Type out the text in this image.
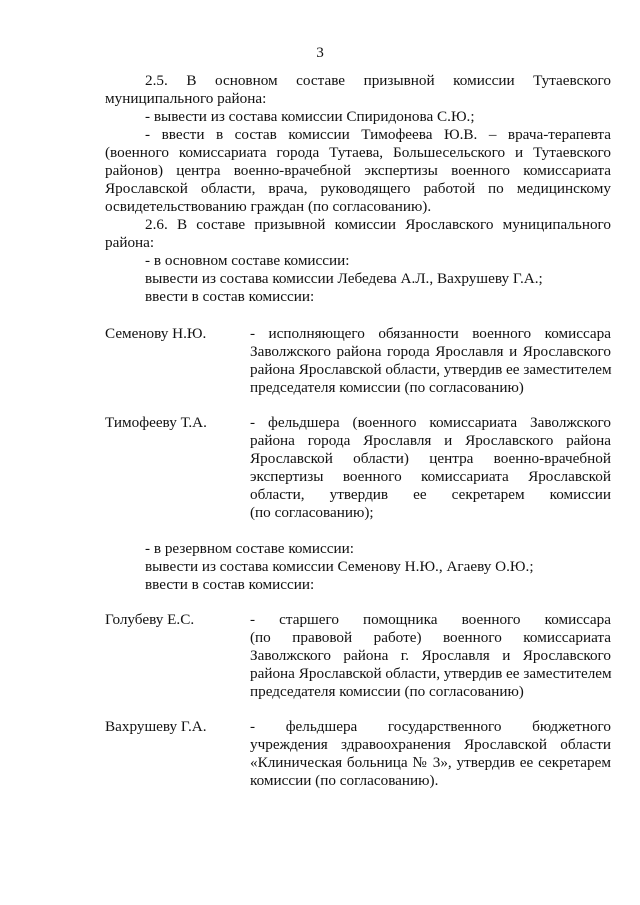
3
2.5. В основном составе призывной комиссии Тутаевского
муниципального района:
- вывести из состава комиссии Спиридонова С.Ю.;
- ввести в состав комиссии Тимофеева Ю.В. – врача-терапевта
(военного комиссариата города Тутаева, Большесельского и Тутаевского
районов) центра военно-врачебной экспертизы военного комиссариата
Ярославской области, врача, руководящего работой по медицинскому
освидетельствованию граждан (по согласованию).
2.6. В составе призывной комиссии Ярославского муниципального
района:
- в основном составе комиссии:
вывести из состава комиссии Лебедева А.Л., Вахрушеву Г.А.;
ввести в состав комиссии:
Семенову Н.Ю.	- исполняющего обязанности военного комиссара
Заволжского района города Ярославля и Ярославского
района Ярославской области, утвердив ее заместителем
председателя комиссии (по согласованию)
Тимофееву Т.А.	- фельдшера (военного комиссариата Заволжского
района города Ярославля и Ярославского района
Ярославской области) центра военно-врачебной
экспертизы военного комиссариата Ярославской
области, утвердив ее секретарем комиссии
(по согласованию);
- в резервном составе комиссии:
вывести из состава комиссии Семенову Н.Ю., Агаеву О.Ю.;
ввести в состав комиссии:
Голубеву Е.С.	- старшего помощника военного комиссара
(по правовой работе) военного комиссариата
Заволжского района г. Ярославля и Ярославского
района Ярославской области, утвердив ее заместителем
председателя комиссии (по согласованию)
Вахрушеву Г.А.	- фельдшера государственного бюджетного
учреждения здравоохранения Ярославской области
«Клиническая больница № 3», утвердив ее секретарем
комиссии (по согласованию).
